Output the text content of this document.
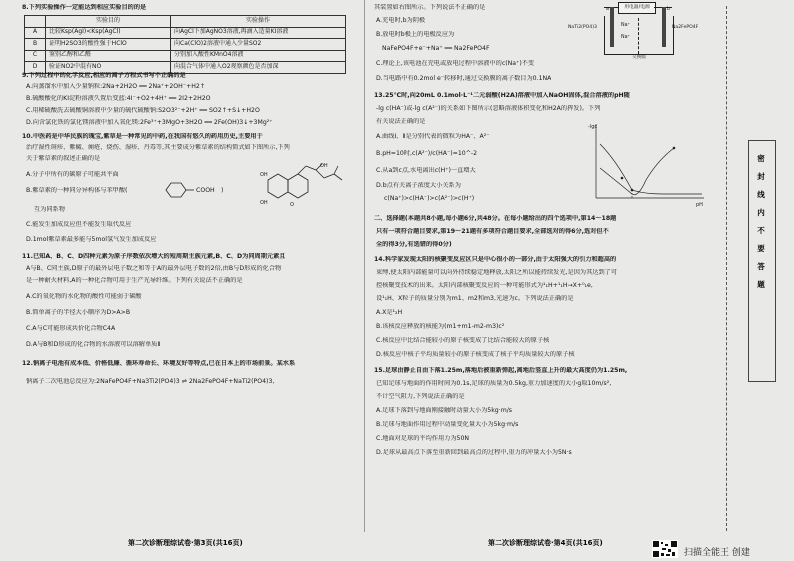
8.下列实验操作一定能达到相应实验目的的是
	实验目的	实验操作
A	比较Ksp(AgI)<Ksp(AgCl)	向AgCl下加AgNO3溶液,再滴入适量KI溶液
B	证明H2SO3的酸性强于HClO	向Ca(ClO)2溶液中通入少量SO2
C	鉴别乙醇和乙醛	分别加入酸性KMnO4溶液
D	验证NO2中混有NO	向混合气体中通入O2观察颜色是否加深
9.下列过程中的化学反应,相应的离子方程式书写不正确的是
A.向蒸馏水中加入少量钠粒:2Na+2H2O ══ 2Na⁺+2OH⁻+H2↑
B.硫酸酸化的KI淀粉溶液久置后变蓝:4I⁻+O2+4H⁺ ══ 2I2+2H2O
C.用稀硫酸洗去硫酸铜溶液中少量的硫代硫酸钠:S2O3²⁻+2H⁺ ══ SO2↑+S↓+H2O
D.向含氯化铁的氯化镁溶液中加入氧化镁:2Fe³⁺+3MgO+3H2O ══ 2Fe(OH)3↓+3Mg²⁺
10.中医药是中华民族的瑰宝,紫草是一种常见的中药,在我国有悠久的药用历史,主要用于
治疗湿性斑疹、紫癜、痈疮、烧伤、湿疹、丹毒等,其主要成分紫草素的结构简式如下图所示,下列
关于紫草素的叙述正确的是
OH
OH	O
OH
A.分子中所有的碳原子可能共平面
B.紫草素的一种同分异构体与苯甲酸(	COOH )
互为同系物
C.能发生加成反应但不能发生取代反应
D.1mol紫草素最多能与5mol氢气发生加成反应
11.已知A、B、C、D四种元素为原子序数依次增大的短周期主族元素,B、C、D为同周期元素且
A与B、C同主族,D原子的最外层电子数之和等于A的最外层电子数的2倍,由B与D形成的化合物
是一种耐火材料,A的一种化合物可用于生产光导纤维。下列有关说法不正确的是
A.C的氧化物的水化物的酸性可能弱于碳酸
B.简单离子的半径大小顺序为D>A>B
C.A与C可能形成共价化合物C4A
D.A与B和D形成的化合物的水溶液可以溶解单质Ⅱ
12.钠离子电池有成本低、价格低廉、循环寿命长、环境友好等特点,已在日本上的市场前景。某水系
钠离子二次电池总反应为:2NaFePO4F+Na3Ti2(PO4)3 ⇌ 2Na2FePO4F+NaTi2(PO4)3,
第二次诊断理综试卷·第3页(共16页)
其装置如右图所示。下列说法不正确的是
A.充电时,b为阴极
B.放电时b极上的电极反应为
NaFePO4F+e⁻+Na⁺ ══ Na2FePO4F
C.理论上,该电池在充电或放电过程中溶液中的c(Na⁺)不变
D.当电路中有0.2mol e⁻转移时,通过交换膜的离子数目为0.1NA
用电器/电源
NaTi2(PO4)3	Na2FePO4F
Na⁺
Na⁺
交换膜
a	b
13.25℃时,向20mL 0.1mol·L⁻¹二元弱酸(H2A)溶液中加入NaOH固体,混合溶液的pH随
-lg c(HA⁻)或-lg c(A²⁻)的关系如下图所示(忽略溶液体积变化和H2A的挥发)。下列
有关说法正确的是
A.曲线Ⅰ、Ⅱ是分别代表的微粒为HA⁻、A²⁻
B.pH=10时,c(A²⁻)/c(HA⁻)=10^-2
C.从a到c点,水电离出c(H⁺)一直增大
D.b点有关离子浓度大小关系为
c(Na⁺)>c(HA⁻)>c(A²⁻)>c(H⁺)
-lgc
pH
二、选择题(本题共8小题,每小题6分,共48分。在每小题给出的四个选项中,第14～18题
只有一项符合题目要求,第19～21题有多项符合题目要求,全部选对的得6分,选对但不
全的得3分,有选错的得0分)
14.科学家发现太阳的核聚变反应区只是中心很小的一部分,由于太阳强大的引力和超高的
束缚,使太阳内部能量可以向外持续稳定地释放,太阳之所以能持续发光,是因为其达到了可
控核聚变技术的出来。太阳内部核聚变反应的一种可能形式为¹₁H+¹₁H→X+⁰₁e,
设¹₁H、X粒子的质量分别为m1、m2和m3,光速为c。下列说法正确的是
A.X是¹₂H
B.该核反应释放的核能为(m1+m1-m2-m3)c²
C.核反应中比结合能较小的原子核变成了比结合能较大的原子核
D.核反应中核子平均质量较小的原子核变成了核子平均质量较大的原子核
15.足球由静止自由下落1.25m,落地后被重新弹起,离地后竖直上升的最大高度仍为1.25m,
已知足球与地面的作用时间为0.1s,足球的质量为0.5kg,重力加速度的大小g取10m/s²,
不计空气阻力,下列说法正确的是
A.足球下落到与地面刚接触时动量大小为5kg·m/s
B.足球与地面作用过程中动量变化量大小为5kg·m/s
C.地面对足球的平均作用力为50N
D.足球从最高点下落至重新回到最高点的过程中,重力的冲量大小为5N·s
第二次诊断理综试卷·第4页(共16页)
密
封
线
内
不
要
答
题
扫描全能王 创建
